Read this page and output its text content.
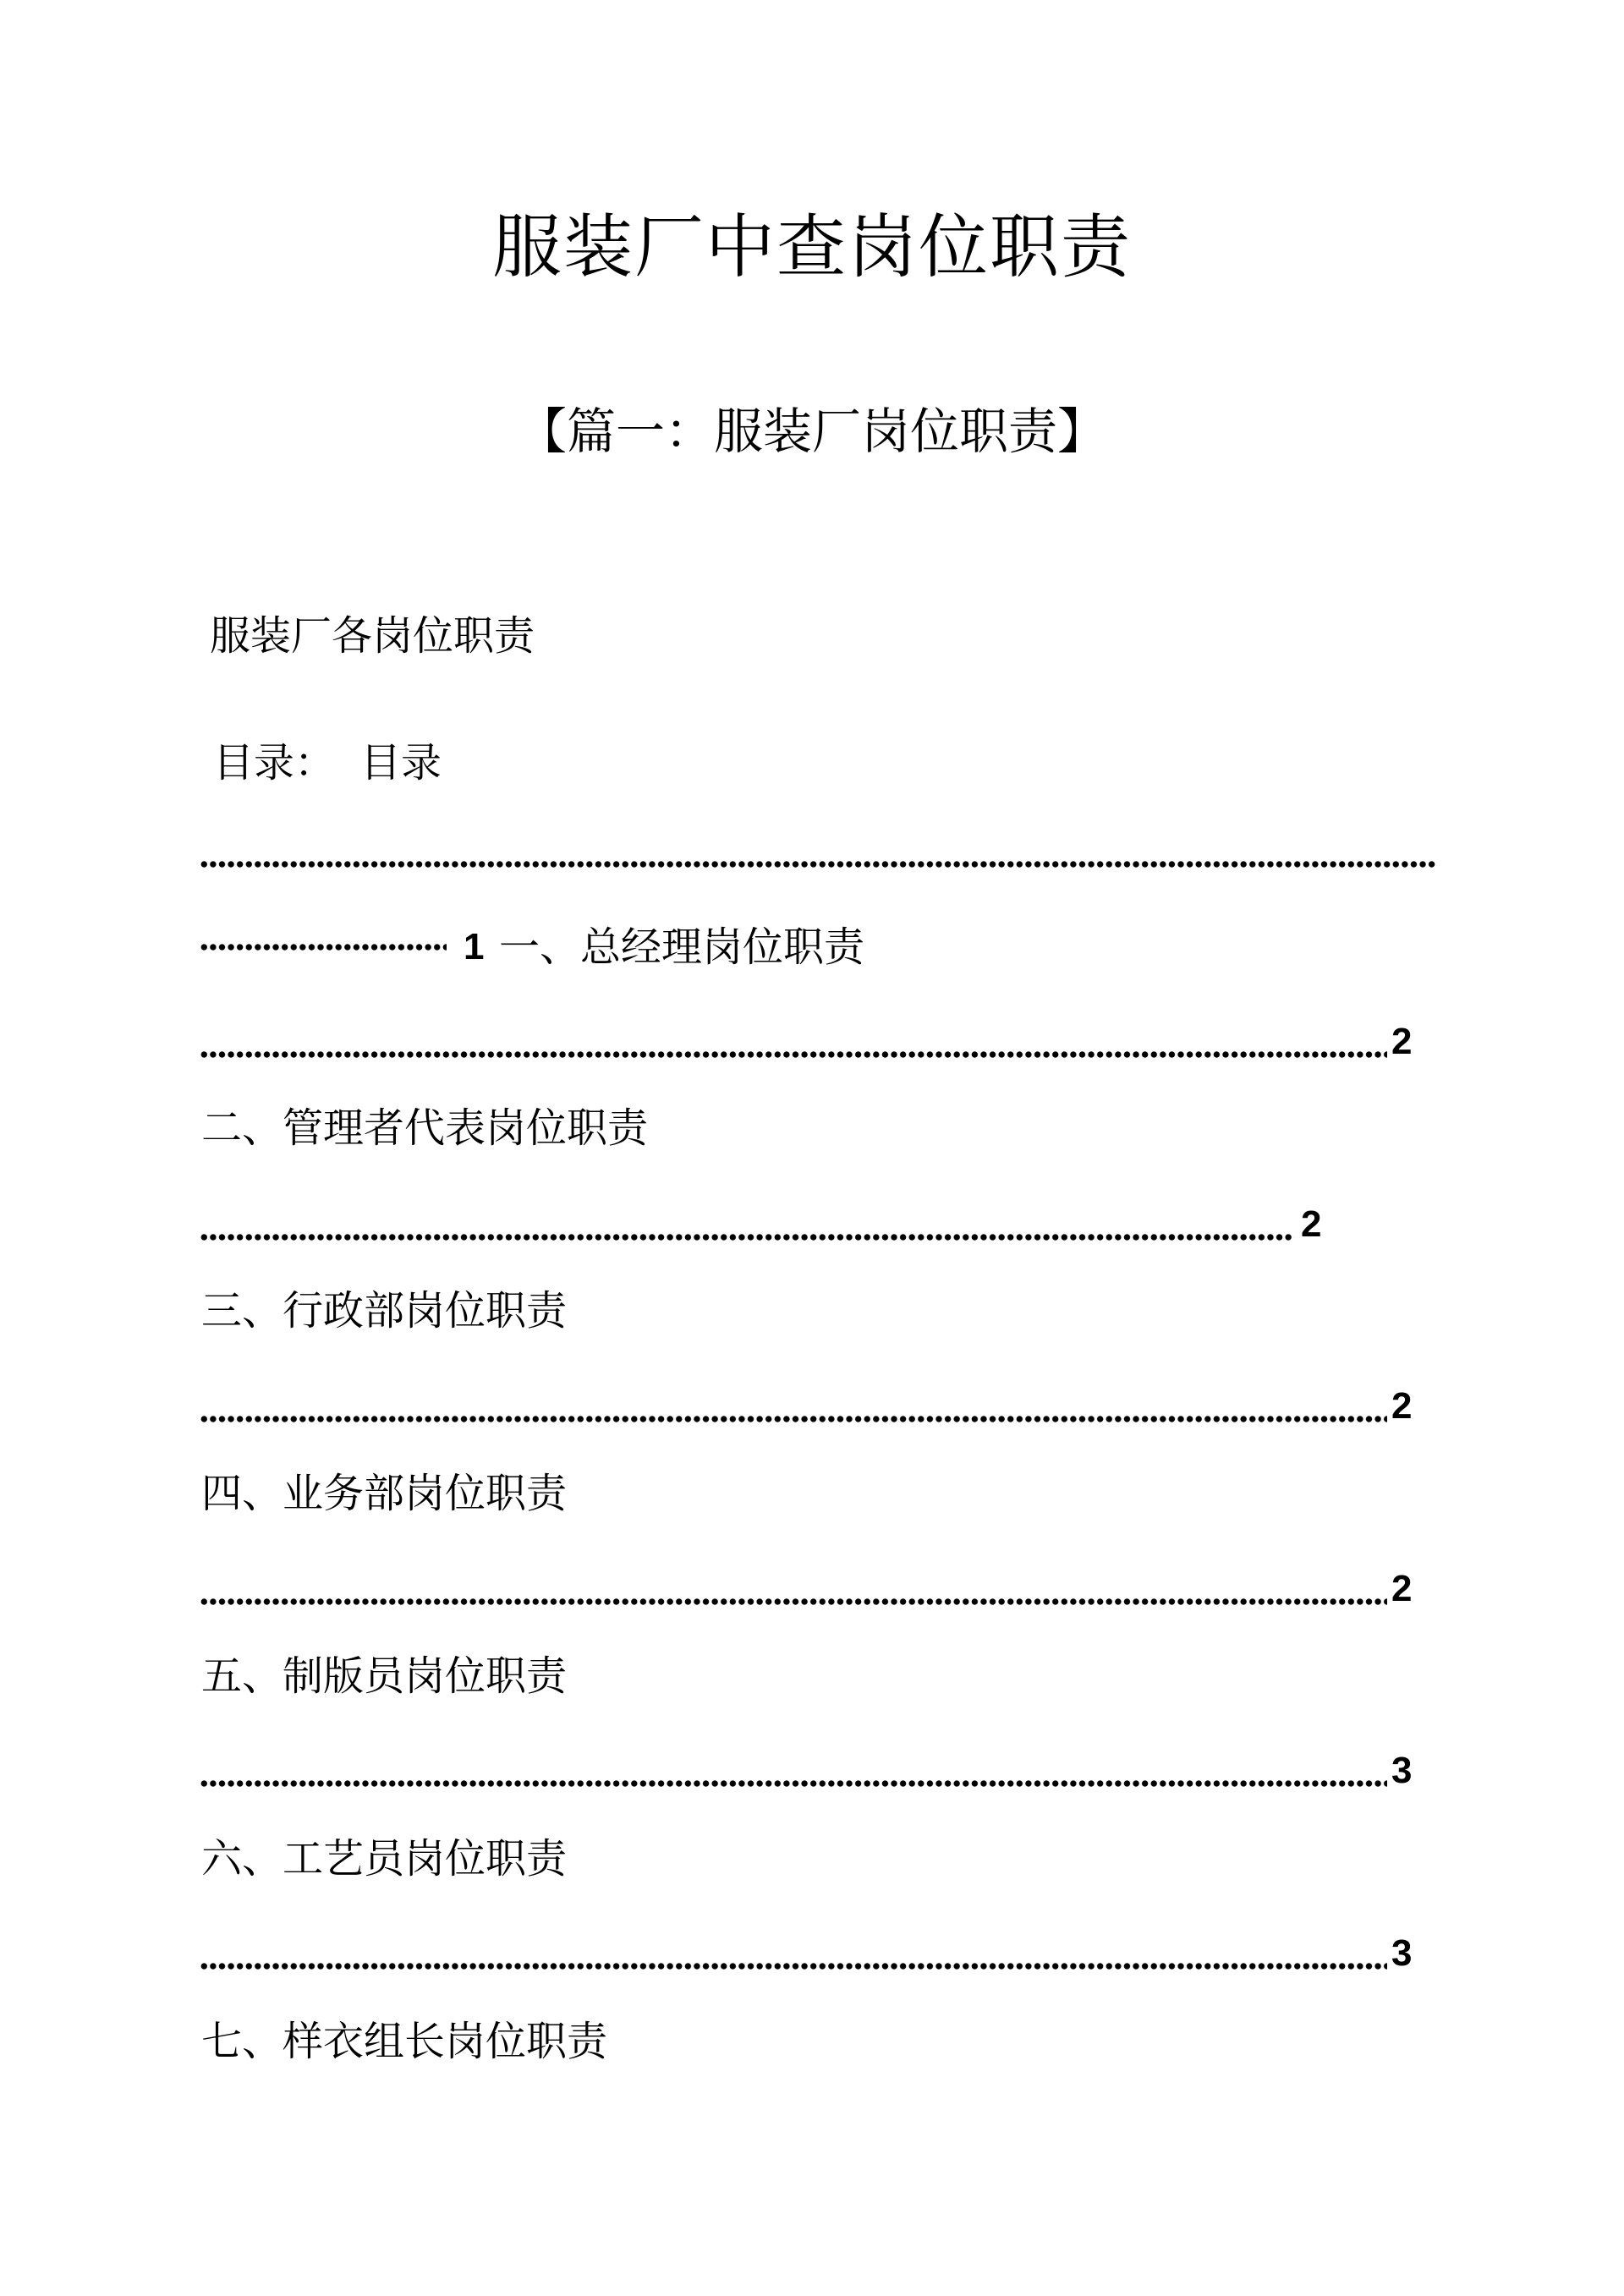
服装厂中查岗位职责
【篇一：服装厂岗位职责】
服装厂各岗位职责
目录： 目录
1 一、总经理岗位职责
2
二、管理者代表岗位职责
2
三、行政部岗位职责
2
四、业务部岗位职责
2
五、制版员岗位职责
3
六、工艺员岗位职责
3
七、样衣组长岗位职责
